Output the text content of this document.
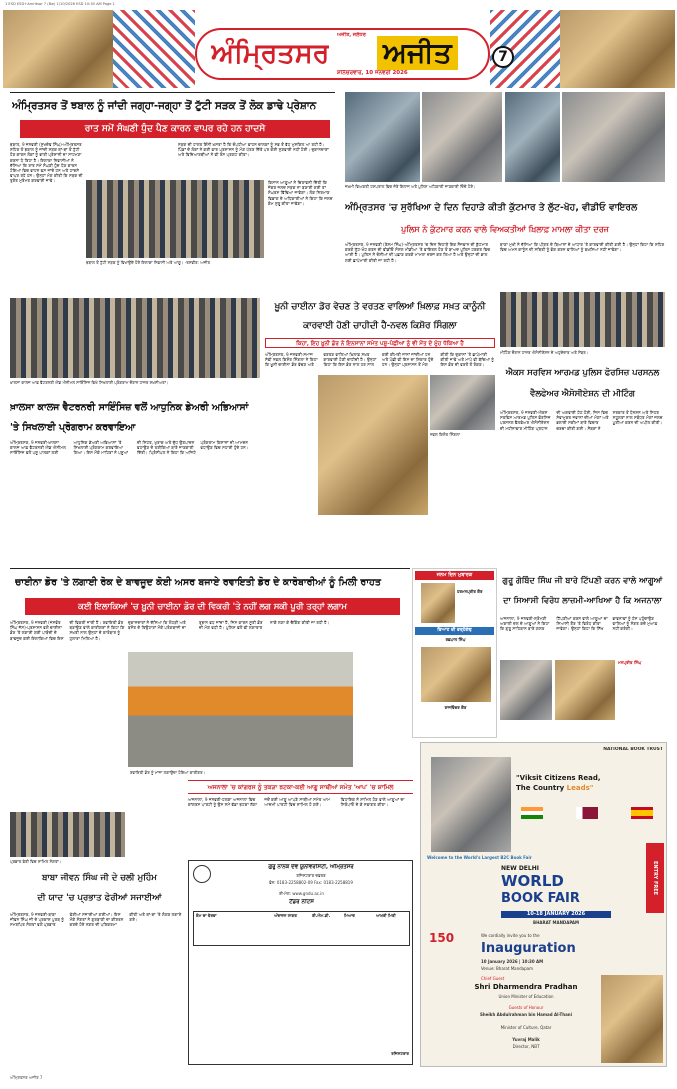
1 ESD ESD+Amritsar 7 (Bw) 1/10/2026 ESD 10:30 AM Page 1
ਅਜੀਤ, ਜਲੰਧਰ
ਅੰਮ੍ਰਿਤਸਰ ਅਜੀਤ
ਸ਼ਨਿੱਚਰਵਾਰ, 10 ਜਨਵਰੀ 2026
7
ਅੰਮ੍ਰਿਤਸਰ ਤੋਂ ਝਬਾਲ ਨੂੰ ਜਾਂਦੀ ਜਗ੍ਹਾ-ਜਗ੍ਹਾ ਤੋਂ ਟੁੱਟੀ ਸੜਕ ਤੋਂ ਲੋਕ ਡਾਢੇ ਪ੍ਰੇਸ਼ਾਨ
ਰਾਤ ਸਮੇਂ ਸੰਘਣੀ ਧੁੰਦ ਪੈਣ ਕਾਰਨ ਵਾਪਰ ਰਹੇ ਹਨ ਹਾਦਸੇ

ਝਬਾਲ, 9 ਜਨਵਰੀ (ਸੁਖਦੇਵ ਸਿੰਘ)-ਅੰਮ੍ਰਿਤਸਰ ਸ਼ਹਿਰ ਤੋਂ ਝਬਾਲ ਨੂੰ ਜਾਂਦੀ ਸੜਕ ਥਾਂ-ਥਾਂ ਤੋਂ ਟੁੱਟੀ ਹੋਣ ਕਾਰਨ ਲੋਕਾਂ ਨੂੰ ਭਾਰੀ ਪ੍ਰੇਸ਼ਾਨੀ ਦਾ ਸਾਹਮਣਾ ਕਰਨਾ ਪੈ ਰਿਹਾ ਹੈ। ਇਲਾਕਾ ਨਿਵਾਸੀਆਂ ਨੇ ਦੱਸਿਆ ਕਿ ਰਾਤ ਸਮੇਂ ਸੰਘਣੀ ਧੁੰਦ ਪੈਣ ਕਾਰਨ ਟੋਇਆਂ ਵਿਚ ਵਾਹਨ ਫਸ ਜਾਂਦੇ ਹਨ ਅਤੇ ਹਾਦਸੇ ਵਾਪਰ ਰਹੇ ਹਨ। ਉਨ੍ਹਾਂ ਮੰਗ ਕੀਤੀ ਕਿ ਸੜਕ ਦੀ ਤੁਰੰਤ ਮੁਰੰਮਤ ਕਰਵਾਈ ਜਾਵੇ।

ਸੜਕ ਦੀ ਹਾਲਤ ਇੰਨੀ ਖ਼ਸਤਾ ਹੈ ਕਿ ਦੋਪਹੀਆ ਵਾਹਨ ਚਾਲਕਾਂ ਨੂੰ ਸਭ ਤੋਂ ਵੱਧ ਮੁਸ਼ਕਿਲ ਆ ਰਹੀ ਹੈ। ਪਿੰਡਾਂ ਦੇ ਲੋਕਾਂ ਨੇ ਕਈ ਵਾਰ ਪ੍ਰਸ਼ਾਸਨ ਨੂੰ ਮੰਗ ਪੱਤਰ ਦਿੱਤੇ ਪਰ ਕੋਈ ਸੁਣਵਾਈ ਨਹੀਂ ਹੋਈ। ਦੁਕਾਨਦਾਰਾਂ ਅਤੇ ਵਿਦਿਆਰਥੀਆਂ ਨੇ ਵੀ ਰੋਸ ਪ੍ਰਗਟ ਕੀਤਾ।

ਕਿਸਾਨ ਆਗੂਆਂ ਨੇ ਚਿਤਾਵਨੀ ਦਿੱਤੀ ਕਿ ਜੇਕਰ ਜਲਦ ਸੜਕ ਨਾ ਬਣਾਈ ਗਈ ਤਾਂ ਸੰਘਰਸ਼ ਵਿੱਢਿਆ ਜਾਵੇਗਾ। ਲੋਕ ਨਿਰਮਾਣ ਵਿਭਾਗ ਦੇ ਅਧਿਕਾਰੀਆਂ ਨੇ ਕਿਹਾ ਕਿ ਜਲਦ ਕੰਮ ਸ਼ੁਰੂ ਕੀਤਾ ਜਾਵੇਗਾ।

ਝਬਾਲ ਤੋਂ ਟੁੱਟੀ ਸੜਕ ਨੂੰ ਵਿਖਾਉਂਦੇ ਹੋਏ ਇਲਾਕਾ ਨਿਵਾਸੀ ਅਤੇ ਆਗੂ। -ਤਸਵੀਰ: ਅਜੀਤ
ਜ਼ਖ਼ਮੀ ਵਿਅਕਤੀ ਹਸਪਤਾਲ ਵਿਚ ਜ਼ੇਰੇ ਇਲਾਜ ਅਤੇ ਪੁਲਿਸ ਅਧਿਕਾਰੀ ਜਾਣਕਾਰੀ ਦਿੰਦੇ ਹੋਏ।
ਅੰਮ੍ਰਿਤਸਰ 'ਚ ਸੁਰੱਖਿਆ ਦੇ ਦਿਨ ਦਿਹਾੜੇ ਕੀਤੀ ਕੁੱਟਮਾਰ ਤੇ ਲੁੱਟ-ਖੋਹ, ਵੀਡੀਓ ਵਾਇਰਲ
ਪੁਲਿਸ ਨੇ ਕੁੱਟਮਾਰ ਕਰਨ ਵਾਲੇ ਵਿਅਕਤੀਆਂ ਖ਼ਿਲਾਫ਼ ਮਾਮਲਾ ਕੀਤਾ ਦਰਜ

ਅੰਮ੍ਰਿਤਸਰ, 9 ਜਨਵਰੀ (ਰੇਸ਼ਮ ਸਿੰਘ)-ਅੰਮ੍ਰਿਤਸਰ 'ਚ ਦਿਨ ਦਿਹਾੜੇ ਇਕ ਨੌਜਵਾਨ ਦੀ ਕੁੱਟਮਾਰ ਕਰਕੇ ਲੁੱਟ-ਖੋਹ ਕਰਨ ਦੀ ਵੀਡੀਓ ਸੋਸ਼ਲ ਮੀਡੀਆ 'ਤੇ ਵਾਇਰਲ ਹੋਣ ਤੋਂ ਬਾਅਦ ਪੁਲਿਸ ਹਰਕਤ ਵਿਚ ਆਈ ਹੈ। ਪੁਲਿਸ ਨੇ ਦੋਸ਼ੀਆਂ ਦੀ ਪਛਾਣ ਕਰਕੇ ਮਾਮਲਾ ਦਰਜ ਕਰ ਲਿਆ ਹੈ ਅਤੇ ਉਨ੍ਹਾਂ ਦੀ ਭਾਲ ਲਈ ਛਾਪੇਮਾਰੀ ਕੀਤੀ ਜਾ ਰਹੀ ਹੈ।

ਥਾਣਾ ਮੁਖੀ ਨੇ ਦੱਸਿਆ ਕਿ ਪੀੜਤ ਦੇ ਬਿਆਨਾਂ ਦੇ ਆਧਾਰ 'ਤੇ ਕਾਰਵਾਈ ਕੀਤੀ ਗਈ ਹੈ। ਉਨ੍ਹਾਂ ਕਿਹਾ ਕਿ ਸ਼ਹਿਰ ਵਿਚ ਅਮਨ ਕਾਨੂੰਨ ਦੀ ਸਥਿਤੀ ਨੂੰ ਭੰਗ ਕਰਨ ਵਾਲਿਆਂ ਨੂੰ ਬਖ਼ਸ਼ਿਆ ਨਹੀਂ ਜਾਵੇਗਾ।

ਖ਼ਾਲਸਾ ਕਾਲਜ ਆਫ਼ ਵੈਟਰਨਰੀ ਐਂਡ ਐਨੀਮਲ ਸਾਇੰਸਿਜ਼ ਵਿਖੇ ਸਿਖਲਾਈ ਪ੍ਰੋਗਰਾਮ ਦੌਰਾਨ ਹਾਜ਼ਰ ਸ਼ਖ਼ਸੀਅਤਾਂ।
ਖ਼ਾਲਸਾ ਕਾਲਜ ਵੈਟਰਨਰੀ ਸਾਇੰਸਿਜ਼ ਵਲੋਂ ਆਧੁਨਿਕ ਡੇਅਰੀ ਅਭਿਆਸਾਂ 'ਤੇ ਸਿਖਲਾਈ ਪ੍ਰੋਗਰਾਮ ਕਰਵਾਇਆ

ਅੰਮ੍ਰਿਤਸਰ, 9 ਜਨਵਰੀ-ਖ਼ਾਲਸਾ ਕਾਲਜ ਆਫ਼ ਵੈਟਰਨਰੀ ਐਂਡ ਐਨੀਮਲ ਸਾਇੰਸਿਜ਼ ਵਲੋਂ ਪਸ਼ੂ ਪਾਲਕਾਂ ਲਈ ਆਧੁਨਿਕ ਡੇਅਰੀ ਅਭਿਆਸਾਂ 'ਤੇ ਸਿਖਲਾਈ ਪ੍ਰੋਗਰਾਮ ਕਰਵਾਇਆ ਗਿਆ। ਇਸ ਮੌਕੇ ਮਾਹਿਰਾਂ ਨੇ ਪਸ਼ੂਆਂ ਦੀ ਸਿਹਤ, ਖੁਰਾਕ ਅਤੇ ਦੁੱਧ ਉਤਪਾਦਨ ਵਧਾਉਣ ਦੇ ਤਰੀਕਿਆਂ ਬਾਰੇ ਜਾਣਕਾਰੀ ਦਿੱਤੀ। ਪ੍ਰਿੰਸੀਪਲ ਨੇ ਕਿਹਾ ਕਿ ਅਜਿਹੇ ਪ੍ਰੋਗਰਾਮ ਕਿਸਾਨਾਂ ਦੀ ਆਮਦਨ ਵਧਾਉਣ ਵਿਚ ਸਹਾਈ ਹੁੰਦੇ ਹਨ।

ਖ਼ੂਨੀ ਚਾਈਨਾ ਡੋਰ ਵੇਚਣ ਤੇ ਵਰਤਣ ਵਾਲਿਆਂ ਖ਼ਿਲਾਫ਼ ਸਖ਼ਤ ਕਾਨੂੰਨੀ ਕਾਰਵਾਈ ਹੋਣੀ ਚਾਹੀਦੀ ਹੈ-ਨਵਲ ਕਿਸ਼ੋਰ ਸਿੰਗਲਾ
ਕਿਹਾ, ਇਹ ਖ਼ੂਨੀ ਡੋਰ ਨੇ ਇਨਸਾਨਾਂ ਸਮੇਤ ਪਸ਼ੂ-ਪੰਛੀਆਂ ਨੂੰ ਵੀ ਮੌਤ ਦੇ ਮੂੰਹ ਧੱਕਿਆ ਹੈ

ਅੰਮ੍ਰਿਤਸਰ, 9 ਜਨਵਰੀ-ਸਮਾਜ ਸੇਵੀ ਨਵਲ ਕਿਸ਼ੋਰ ਸਿੰਗਲਾ ਨੇ ਕਿਹਾ ਕਿ ਖ਼ੂਨੀ ਚਾਈਨਾ ਡੋਰ ਵੇਚਣ ਅਤੇ ਵਰਤਣ ਵਾਲਿਆਂ ਖ਼ਿਲਾਫ਼ ਸਖ਼ਤ ਕਾਰਵਾਈ ਹੋਣੀ ਚਾਹੀਦੀ ਹੈ। ਉਨ੍ਹਾਂ ਕਿਹਾ ਕਿ ਇਸ ਡੋਰ ਨਾਲ ਹਰ ਸਾਲ ਕਈ ਕੀਮਤੀ ਜਾਨਾਂ ਜਾਂਦੀਆਂ ਹਨ ਅਤੇ ਪੰਛੀ ਵੀ ਇਸ ਦਾ ਸ਼ਿਕਾਰ ਹੁੰਦੇ ਹਨ। ਉਨ੍ਹਾਂ ਪ੍ਰਸ਼ਾਸਨ ਤੋਂ ਮੰਗ ਕੀਤੀ ਕਿ ਦੁਕਾਨਾਂ 'ਤੇ ਛਾਪੇਮਾਰੀ ਕੀਤੀ ਜਾਵੇ ਅਤੇ ਮਾਪੇ ਵੀ ਬੱਚਿਆਂ ਨੂੰ ਇਸ ਡੋਰ ਦੀ ਵਰਤੋਂ ਤੋਂ ਰੋਕਣ।

ਨਵਲ ਕਿਸ਼ੋਰ ਸਿੰਗਲਾ
ਮੀਟਿੰਗ ਦੌਰਾਨ ਹਾਜ਼ਰ ਐਸੋਸੀਏਸ਼ਨ ਦੇ ਅਹੁਦੇਦਾਰ ਅਤੇ ਮੈਂਬਰ।
ਐਕਸ ਸਰਵਿਸ ਆਰਮਡ ਪੁਲਿਸ ਫੋਰਸਿਜ਼ ਪਰਸਨਲ ਵੈਲਫੇਅਰ ਐਸੋਸੀਏਸ਼ਨ ਦੀ ਮੀਟਿੰਗ

ਅੰਮ੍ਰਿਤਸਰ, 9 ਜਨਵਰੀ-ਐਕਸ ਸਰਵਿਸ ਆਰਮਡ ਪੁਲਿਸ ਫੋਰਸਿਜ਼ ਪਰਸਨਲ ਵੈਲਫੇਅਰ ਐਸੋਸੀਏਸ਼ਨ ਦੀ ਮਹੀਨਾਵਾਰ ਮੀਟਿੰਗ ਪ੍ਰਧਾਨ ਦੀ ਅਗਵਾਈ ਹੇਠ ਹੋਈ, ਜਿਸ ਵਿਚ ਸੇਵਾਮੁਕਤ ਜਵਾਨਾਂ ਦੀਆਂ ਮੰਗਾਂ ਅਤੇ ਭਲਾਈ ਸਕੀਮਾਂ ਬਾਰੇ ਵਿਚਾਰ ਚਰਚਾ ਕੀਤੀ ਗਈ। ਮੈਂਬਰਾਂ ਨੇ ਸਰਕਾਰ ਤੋਂ ਪੈਨਸ਼ਨ ਅਤੇ ਸਿਹਤ ਸਹੂਲਤਾਂ ਨਾਲ ਸਬੰਧਤ ਮੰਗਾਂ ਜਲਦ ਪੂਰੀਆਂ ਕਰਨ ਦੀ ਅਪੀਲ ਕੀਤੀ।

ਚਾਈਨਾ ਡੋਰ 'ਤੇ ਲਗਾਈ ਰੋਕ ਦੇ ਬਾਵਜੂਦ ਕੋਈ ਅਸਰ ਬਜਾਏ ਰਵਾਇਤੀ ਡੋਰ ਦੇ ਕਾਰੋਬਾਰੀਆਂ ਨੂੰ ਮਿਲੀ ਰਾਹਤ
ਕਈ ਇਲਾਕਿਆਂ 'ਚ ਖ਼ੂਨੀ ਚਾਈਨਾ ਡੋਰ ਦੀ ਵਿਕਰੀ 'ਤੇ ਨਹੀਂ ਲਗ ਸਕੀ ਪੂਰੀ ਤਰ੍ਹਾਂ ਲਗਾਮ

ਅੰਮ੍ਰਿਤਸਰ, 9 ਜਨਵਰੀ (ਜਸਵੰਤ ਸਿੰਘ ਜੱਸ)-ਪ੍ਰਸ਼ਾਸਨ ਵਲੋਂ ਚਾਈਨਾ ਡੋਰ 'ਤੇ ਲਗਾਈ ਗਈ ਪਾਬੰਦੀ ਦੇ ਬਾਵਜੂਦ ਕਈ ਇਲਾਕਿਆਂ ਵਿਚ ਇਸ ਦੀ ਵਿਕਰੀ ਜਾਰੀ ਹੈ। ਰਵਾਇਤੀ ਡੋਰ ਬਣਾਉਣ ਵਾਲੇ ਕਾਰੀਗਰਾਂ ਨੇ ਕਿਹਾ ਕਿ ਸਖ਼ਤੀ ਨਾਲ ਉਨ੍ਹਾਂ ਦੇ ਕਾਰੋਬਾਰ ਨੂੰ ਹੁਲਾਰਾ ਮਿਲਿਆ ਹੈ।

ਦੁਕਾਨਦਾਰਾਂ ਨੇ ਦੱਸਿਆ ਕਿ ਲੋਹੜੀ ਅਤੇ ਬਸੰਤ ਦੇ ਤਿਉਹਾਰਾਂ ਮੌਕੇ ਪਤੰਗਬਾਜ਼ੀ ਦਾ ਰੁਝਾਨ ਵਧ ਜਾਂਦਾ ਹੈ, ਜਿਸ ਕਾਰਨ ਸੂਤੀ ਡੋਰ ਦੀ ਮੰਗ ਵਧੀ ਹੈ। ਪੁਲਿਸ ਵਲੋਂ ਵੀ ਲਗਾਤਾਰ ਨਾਕੇ ਲਗਾ ਕੇ ਚੈਕਿੰਗ ਕੀਤੀ ਜਾ ਰਹੀ ਹੈ।

ਰਵਾਇਤੀ ਡੋਰ ਨੂੰ ਮਾਂਜਾ ਲਗਾਉਂਦਾ ਹੋਇਆ ਕਾਰੀਗਰ।
ਜਨਮ ਦਿਨ ਮੁਬਾਰਕ
ਹਰਮਨਪ੍ਰੀਤ ਕੌਰ
ਵਿਆਹ ਦੀ ਵਰ੍ਹੇਗੰਢ
ਰਛਪਾਲ ਸਿੰਘ
ਰਾਜਵਿੰਦਰ ਕੌਰ
ਗੁਰੂ ਗੋਬਿੰਦ ਸਿੰਘ ਜੀ ਬਾਰੇ ਟਿੱਪਣੀ ਕਰਨ ਵਾਲੇ ਆਗੂਆਂ ਦਾ ਸਿਆਸੀ ਵਿਰੋਧ ਲਾਜ਼ਮੀ-ਆਖਿਆ ਹੈ ਕਿ ਅਜਨਾਲਾ

ਅਜਨਾਲਾ, 9 ਜਨਵਰੀ-ਸ਼੍ਰੋਮਣੀ ਅਕਾਲੀ ਦਲ ਦੇ ਆਗੂਆਂ ਨੇ ਕਿਹਾ ਕਿ ਗੁਰੂ ਸਾਹਿਬਾਨ ਬਾਰੇ ਗ਼ਲਤ ਟਿੱਪਣੀਆਂ ਕਰਨ ਵਾਲੇ ਆਗੂਆਂ ਦਾ ਸਿਆਸੀ ਤੌਰ 'ਤੇ ਵਿਰੋਧ ਕੀਤਾ ਜਾਵੇਗਾ। ਉਨ੍ਹਾਂ ਕਿਹਾ ਕਿ ਸਿੱਖ ਭਾਵਨਾਵਾਂ ਨੂੰ ਠੇਸ ਪਹੁੰਚਾਉਣ ਵਾਲਿਆਂ ਨੂੰ ਸੰਗਤ ਕਦੇ ਮੁਆਫ਼ ਨਹੀਂ ਕਰੇਗੀ।

ਮਨਪ੍ਰੀਤ ਸਿੰਘ
ਪ੍ਰਭਾਤ ਫੇਰੀ ਵਿਚ ਸ਼ਾਮਿਲ ਸੰਗਤਾਂ।
ਬਾਬਾ ਜੀਵਨ ਸਿੰਘ ਜੀ ਦੇ ਚਲੀ ਮੁਹਿੰਮ
ਦੀ ਯਾਦ 'ਚ ਪ੍ਰਭਾਤ ਫੇਰੀਆਂ ਸਜਾਈਆਂ

ਅੰਮ੍ਰਿਤਸਰ, 9 ਜਨਵਰੀ-ਬਾਬਾ ਜੀਵਨ ਸਿੰਘ ਜੀ ਦੇ ਪ੍ਰਕਾਸ਼ ਪੁਰਬ ਨੂੰ ਸਮਰਪਿਤ ਸੰਗਤਾਂ ਵਲੋਂ ਪ੍ਰਭਾਤ ਫੇਰੀਆਂ ਸਜਾਈਆਂ ਗਈਆਂ। ਇਸ ਮੌਕੇ ਸੰਗਤਾਂ ਨੇ ਗੁਰਬਾਣੀ ਦਾ ਕੀਰਤਨ ਕਰਦੇ ਹੋਏ ਨਗਰ ਦੀ ਪਰਿਕਰਮਾ ਕੀਤੀ ਅਤੇ ਥਾਂ-ਥਾਂ 'ਤੇ ਲੰਗਰ ਲਗਾਏ ਗਏ।

ਅਜਨਾਲਾ 'ਚ ਕਾਂਗਰਸ ਨੂੰ ਤਕੜਾ ਝਟਕਾ-ਕਈ ਆਗੂ ਸਾਥੀਆਂ ਸਮੇਤ 'ਆਪ' 'ਚ ਸ਼ਾਮਿਲ

ਅਜਨਾਲਾ, 9 ਜਨਵਰੀ-ਹਲਕਾ ਅਜਨਾਲਾ ਵਿਚ ਕਾਂਗਰਸ ਪਾਰਟੀ ਨੂੰ ਉਸ ਸਮੇਂ ਵੱਡਾ ਝਟਕਾ ਲੱਗਾ ਜਦੋਂ ਕਈ ਆਗੂ ਆਪਣੇ ਸਾਥੀਆਂ ਸਮੇਤ ਆਮ ਆਦਮੀ ਪਾਰਟੀ ਵਿਚ ਸ਼ਾਮਿਲ ਹੋ ਗਏ। ਵਿਧਾਇਕ ਨੇ ਸ਼ਾਮਿਲ ਹੋਣ ਵਾਲੇ ਆਗੂਆਂ ਦਾ ਸਿਰੋਪਾਓ ਦੇ ਕੇ ਸਵਾਗਤ ਕੀਤਾ।

ਗੁਰੂ ਨਾਨਕ ਦੇਵ ਯੂਨੀਵਰਸਿਟੀ, ਅੰਮ੍ਰਿਤਸਰ
ਰਜਿਸਟਰਾਰ ਦਫ਼ਤਰ
ਫ਼ੋਨ: 0183-2258802-09 Fax: 0183-2258819
ਈ-ਮੇਲ: www.gndu.ac.in
ਟੈਂਡਰ ਨੋਟਿਸ
ਕੰਮ ਦਾ ਵੇਰਵਾ	ਅੰਦਾਜ਼ਨ ਲਾਗਤ	ਈ.ਐਮ.ਡੀ.	ਮਿਆਦ	ਆਖ਼ਰੀ ਮਿਤੀ
ਰਜਿਸਟਰਾਰ
NATIONAL BOOK TRUST
"Viksit Citizens Read,
The Country Leads"
Welcome to the World's Largest B2C Book Fair
NEW DELHI
WORLD
BOOK FAIR
10-18 JANUARY 2026
BHARAT MANDAPAM
ENTRY FREE
150	We cordially invite you to the
Inauguration
10 January 2026 | 10:30 AM
Venue: Bharat Mandapam
Chief Guest
Shri Dharmendra Pradhan
Union Minister of Education
Guests of Honour
Sheikh Abdulrahman bin Hamad Al-Thani
Minister of Culture, Qatar
Yuvraj Malik
Director, NBT
ਅੰਮ੍ਰਿਤਸਰ ਅਜੀਤ 7
